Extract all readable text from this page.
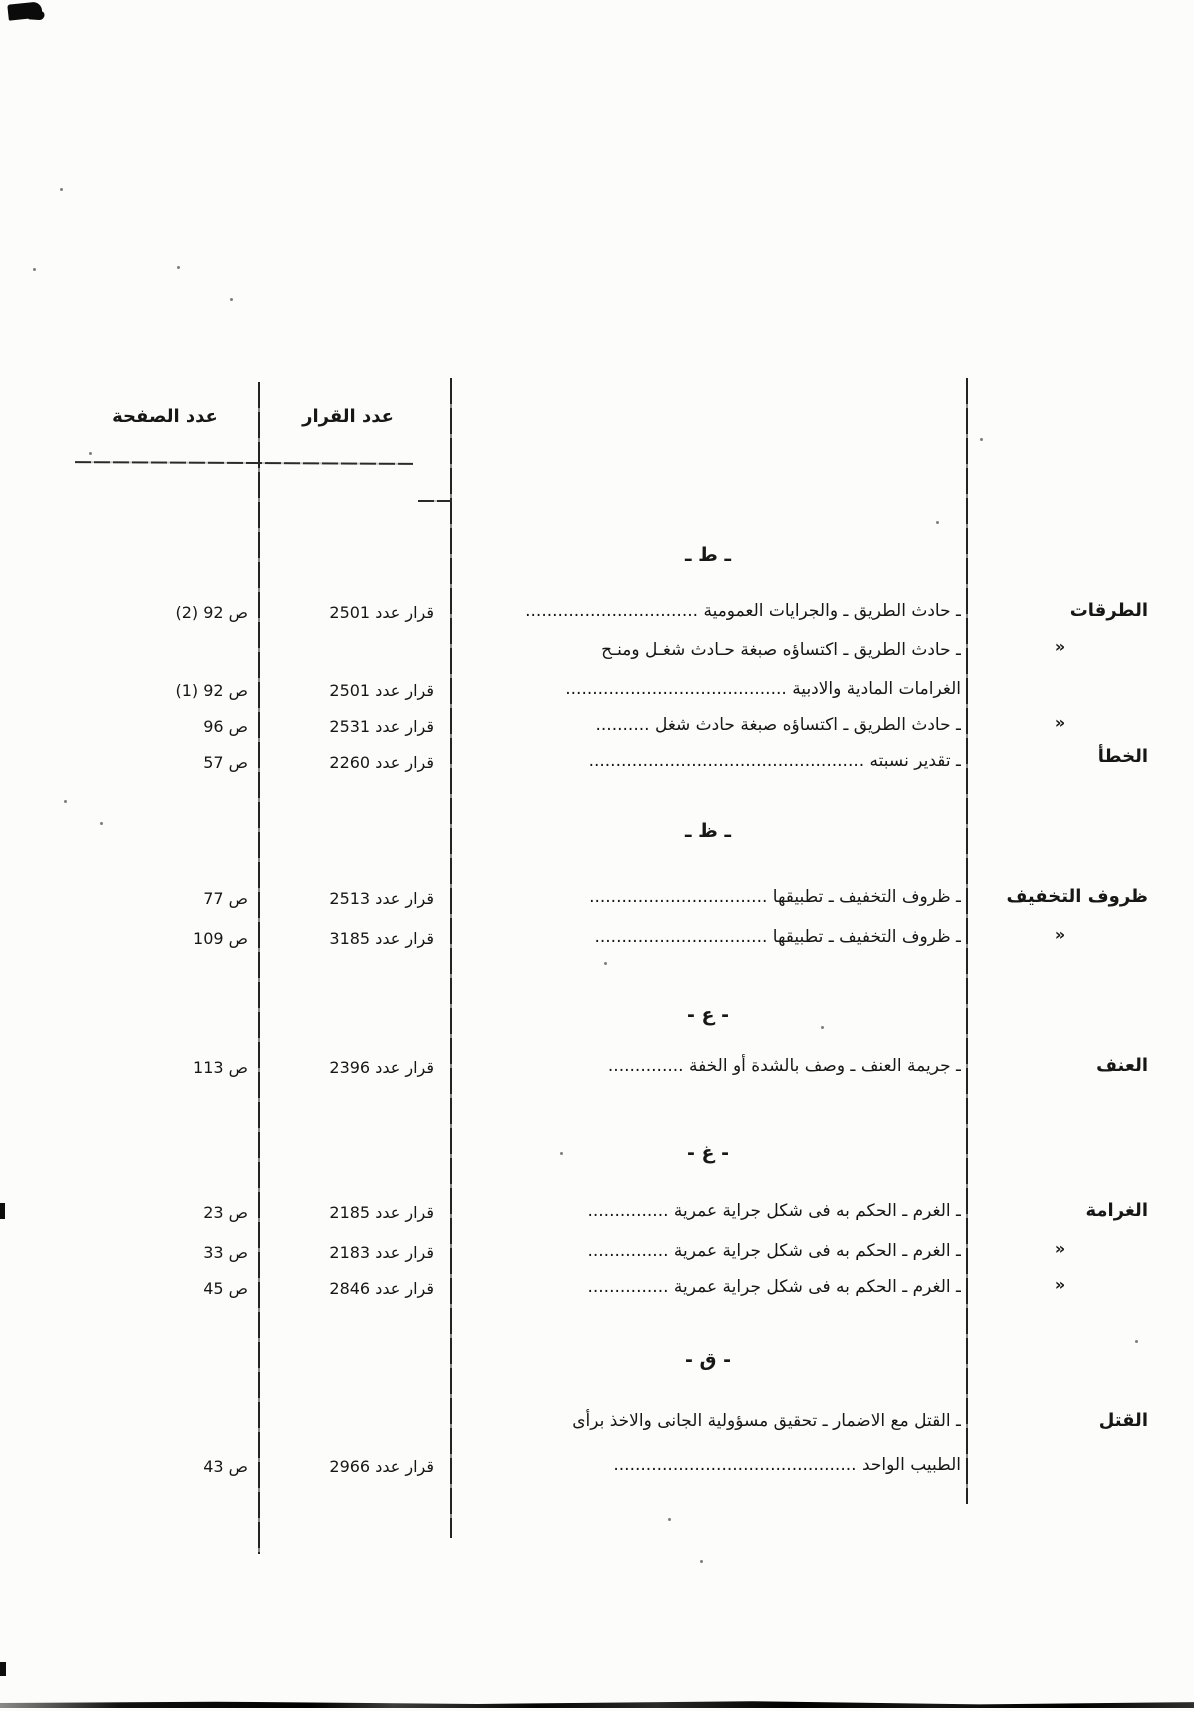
عدد الصفحة	عدد القرار
ـ ط ـ
الطرقات
ـ حادث الطريق ـ والجرايات العمومية ................................
قرار عدد 2501
ص 92 ‏(2)
«
ـ حادث الطريق ـ اكتساؤه صبغة حـادث شغـل ومنـح
الغرامات المادية والادبية .........................................
قرار عدد 2501
ص 92 ‏(1)
«
ـ حادث الطريق ـ اكتساؤه صبغة حادث شغل ..........
قرار عدد 2531
ص 96
الخطأ
ـ تقدير نسبته ...................................................
قرار عدد 2260
ص 57
ـ ظ ـ
ظروف التخفيف
ـ ظروف التخفيف ـ تطبيقها .................................
قرار عدد 2513
ص 77
«
ـ ظروف التخفيف ـ تطبيقها ................................
قرار عدد 3185
ص 109
- ع -
العنف
ـ جريمة العنف ـ وصف بالشدة أو الخفة ..............
قرار عدد 2396
ص 113
- غ -
الغرامة
ـ الغرم ـ الحكم به فى شكل جراية عمرية ...............
قرار عدد 2185
ص 23
«
ـ الغرم ـ الحكم به فى شكل جراية عمرية ...............
قرار عدد 2183
ص 33
«
ـ الغرم ـ الحكم به فى شكل جراية عمرية ...............
قرار عدد 2846
ص 45
- ق -
القتل
ـ القتل مع الاضمار ـ تحقيق مسؤولية الجانى والاخذ برأى
الطبيب الواحد .............................................
قرار عدد 2966
ص 43
